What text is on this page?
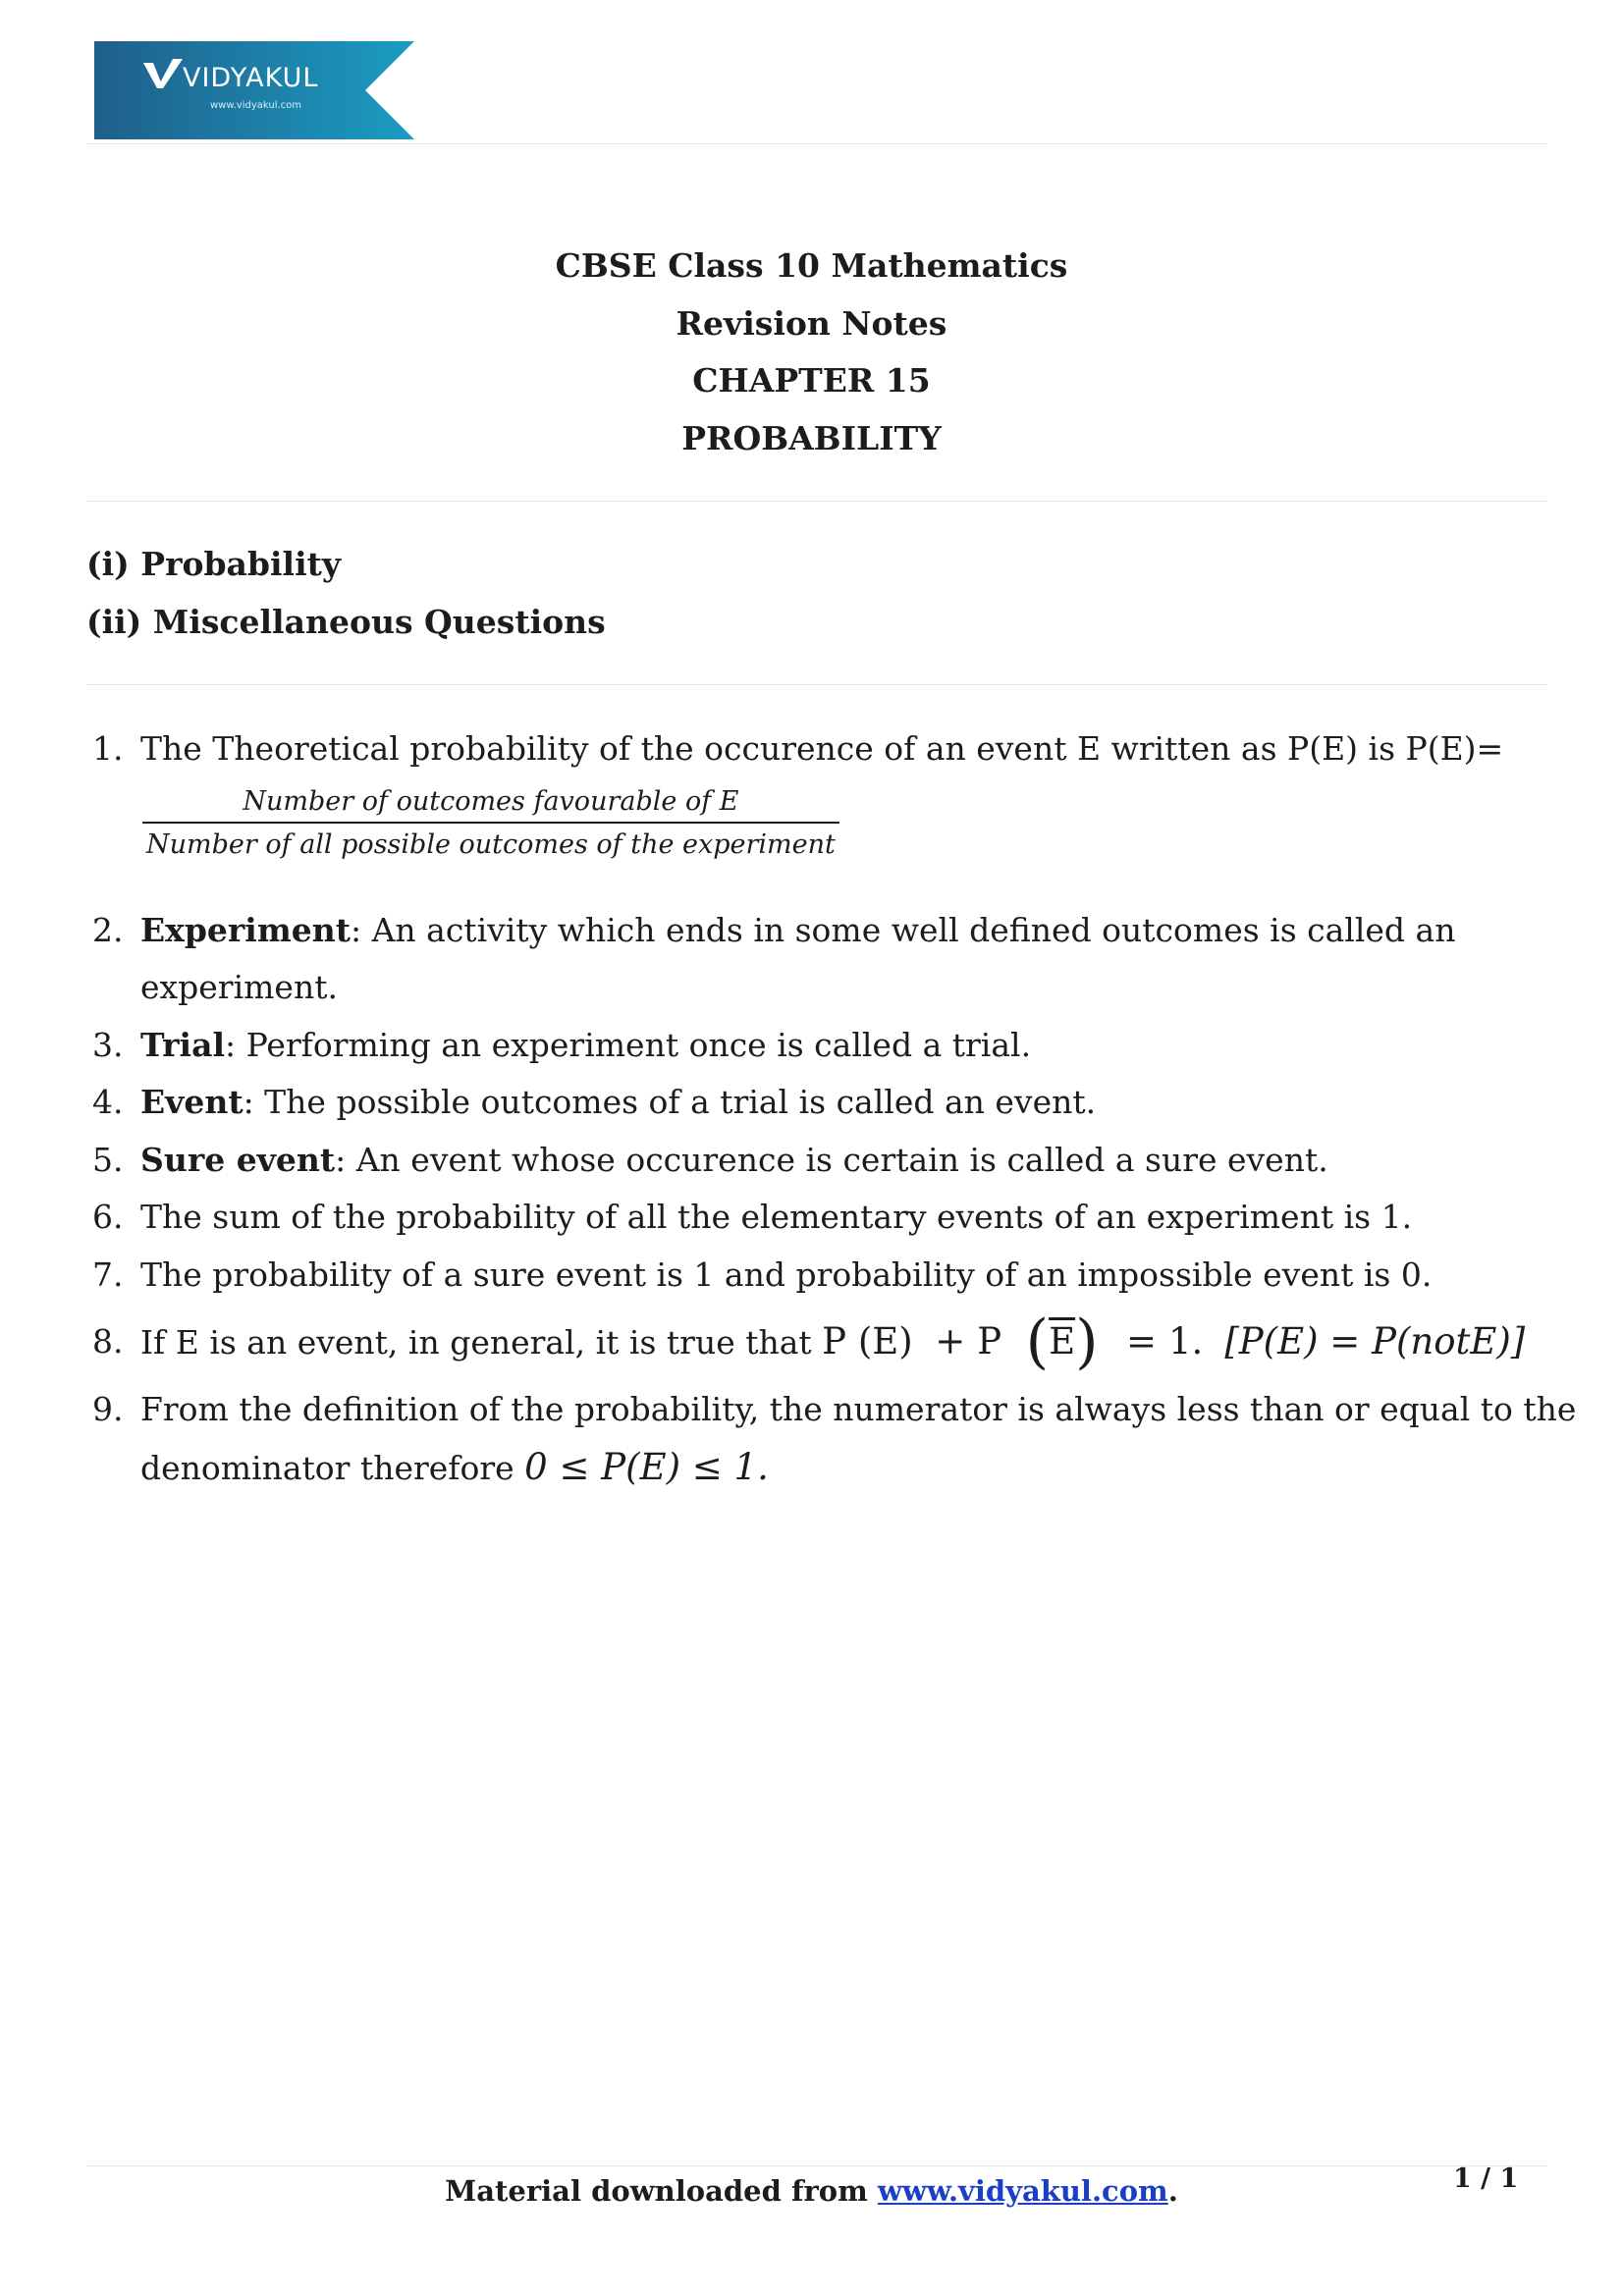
VIDYAKUL
www.vidyakul.com
CBSE Class 10 Mathematics
Revision Notes
CHAPTER 15
PROBABILITY
(i) Probability
(ii) Miscellaneous Questions
1. The Theoretical probability of the occurence of an event E written as P(E) is P(E)=
Number of outcomes favourable of E
Number of all possible outcomes of the experiment
2. Experiment: An activity which ends in some well defined outcomes is called an
experiment.
3. Trial: Performing an experiment once is called a trial.
4. Event: The possible outcomes of a trial is called an event.
5. Sure event: An event whose occurence is certain is called a sure event.
6. The sum of the probability of all the elementary events of an experiment is 1.
7. The probability of a sure event is 1 and probability of an impossible event is 0.
8. If E is an event, in general, it is true that P (E) + P $(\overline{E}) = 1$. [P(E) = P(notE)]
9. From the definition of the probability, the numerator is always less than or equal to the
denominator therefore 0 ≤ P(E) ≤ 1.
Material downloaded from www.vidyakul.com.	1 / 1
